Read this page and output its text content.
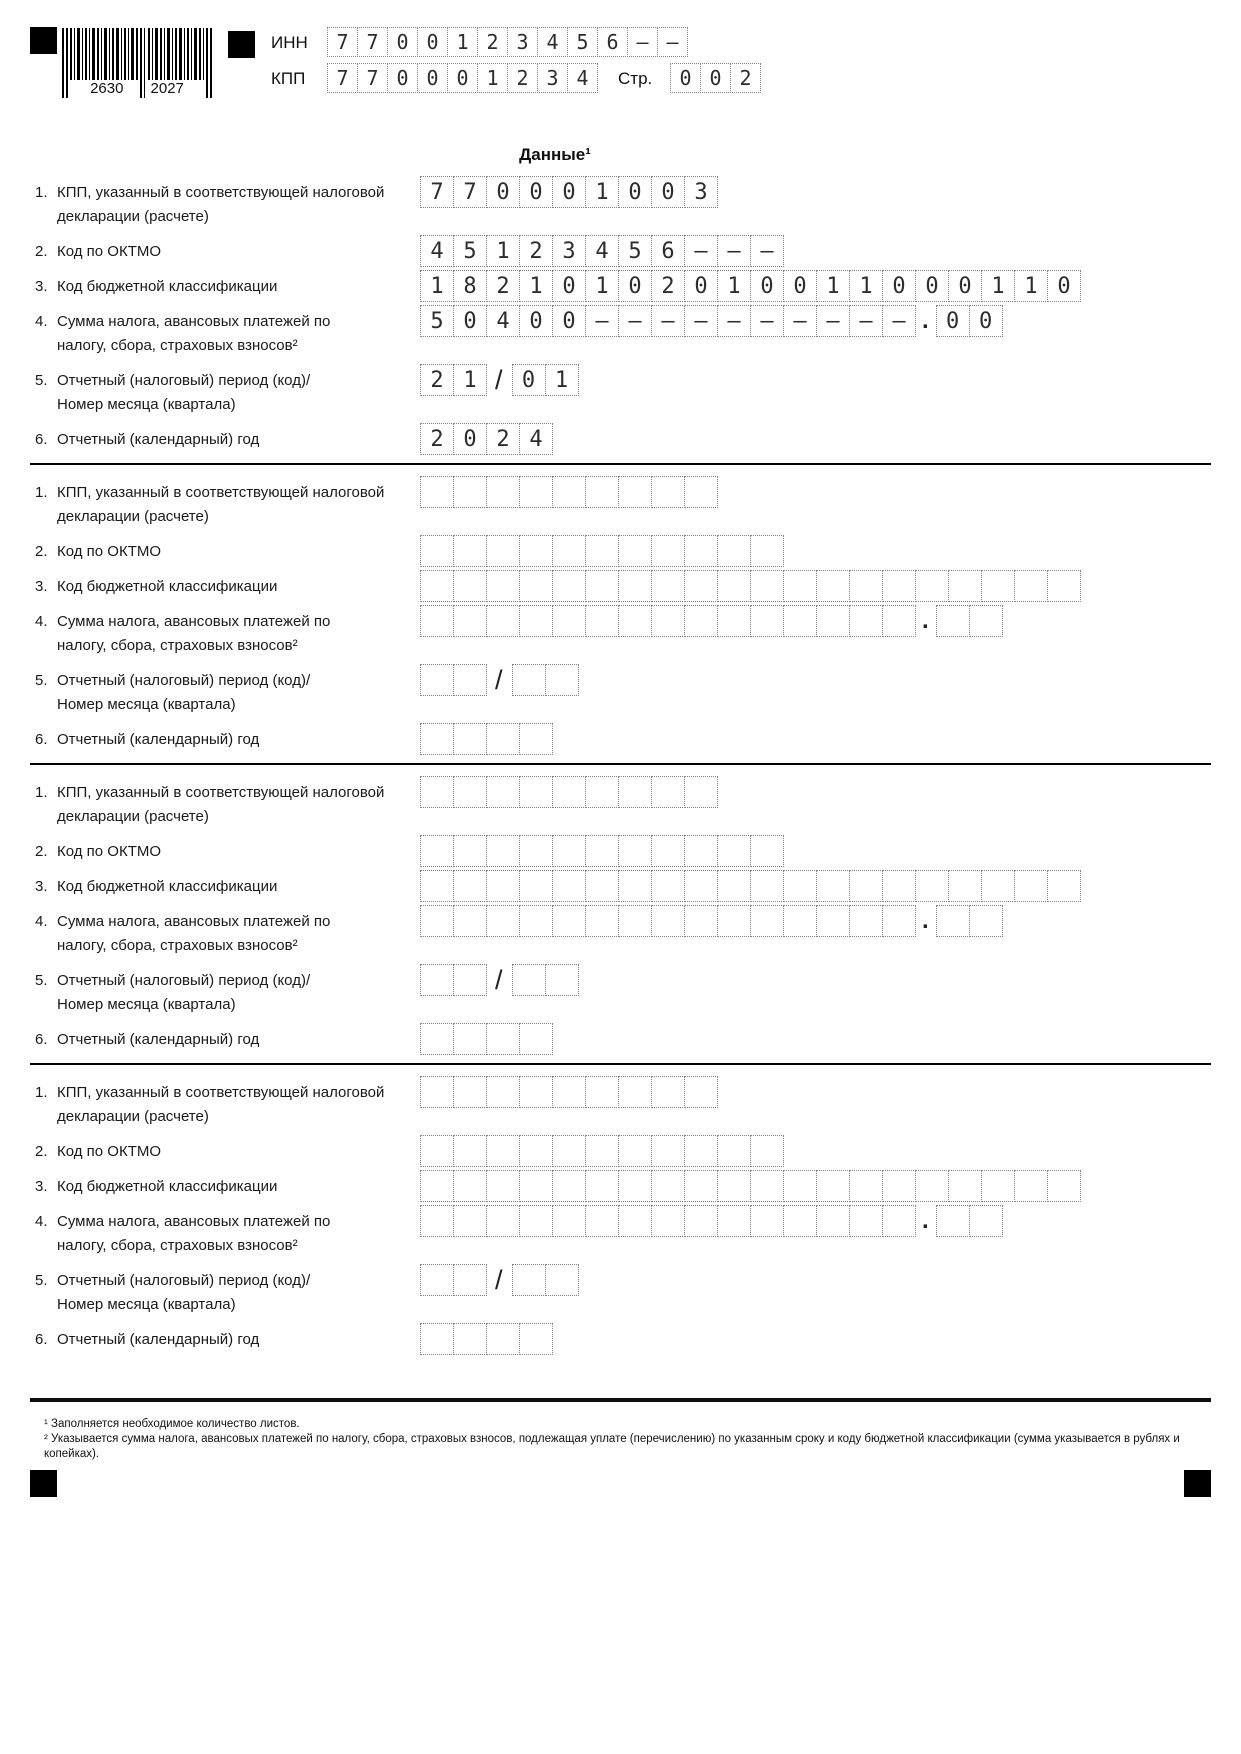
2630 2027
ИНН	7 7 0 0 1 2 3 4 5 6 – –
КПП	7 7 0 0 0 1 2 3 4	Стр.	0 0 2
Данные¹
1. КПП, указанный в соответствующей налоговой
декларации (расчете)
7 7 0 0 0 1 0 0 3
2. Код по ОКТМО	4 5 1 2 3 4 5 6 – – –
3. Код бюджетной классификации	1 8 2 1 0 1 0 2 0 1 0 0 1 1 0 0 0 1 1 0
4. Сумма налога, авансовых платежей по
налогу, сбора, страховых взносов²
5 0 4 0 0 – – – – – – – – – – . 0 0
5. Отчетный (налоговый) период (код)/
Номер месяца (квартала)
2 1 / 0 1
6. Отчетный (календарный) год	2 0 2 4
1. КПП, указанный в соответствующей налоговой
декларации (расчете)
2. Код по ОКТМО
3. Код бюджетной классификации
4. Сумма налога, авансовых платежей по
налогу, сбора, страховых взносов²
.
5. Отчетный (налоговый) период (код)/
Номер месяца (квартала)
/
6. Отчетный (календарный) год
1. КПП, указанный в соответствующей налоговой
декларации (расчете)
2. Код по ОКТМО
3. Код бюджетной классификации
4. Сумма налога, авансовых платежей по
налогу, сбора, страховых взносов²
.
5. Отчетный (налоговый) период (код)/
Номер месяца (квартала)
/
6. Отчетный (календарный) год
1. КПП, указанный в соответствующей налоговой
декларации (расчете)
2. Код по ОКТМО
3. Код бюджетной классификации
4. Сумма налога, авансовых платежей по
налогу, сбора, страховых взносов²
.
5. Отчетный (налоговый) период (код)/
Номер месяца (квартала)
/
6. Отчетный (календарный) год
¹ Заполняется необходимое количество листов.
² Указывается сумма налога, авансовых платежей по налогу, сбора, страховых взносов, подлежащая уплате (перечислению) по указанным сроку и коду бюджетной классификации (сумма указывается в рублях и копейках).
